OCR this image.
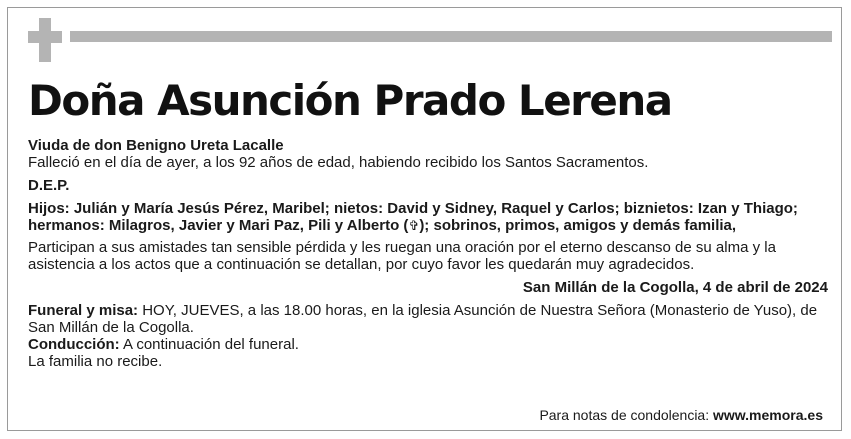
Doña Asunción Prado Lerena

Viuda de don Benigno Ureta Lacalle

Falleció en el día de ayer, a los 92 años de edad, habiendo recibido los Santos Sacramentos.

D.E.P.

Hijos: Julián y María Jesús Pérez, Maribel; nietos: David y Sidney, Raquel y Carlos; biznietos: Izan y Thiago; hermanos: Milagros, Javier y Mari Paz, Pili y Alberto (✞); sobrinos, primos, amigos y demás familia,

Participan a sus amistades tan sensible pérdida y les ruegan una oración por el eterno descanso de su alma y la asistencia a los actos que a continuación se detallan, por cuyo favor les quedarán muy agradecidos.

San Millán de la Cogolla, 4 de abril de 2024

Funeral y misa: HOY, JUEVES, a las 18.00 horas, en la iglesia Asunción de Nuestra Señora (Monasterio de Yuso), de San Millán de la Cogolla.

Conducción: A continuación del funeral.

La familia no recibe.

Para notas de condolencia: www.memora.es
